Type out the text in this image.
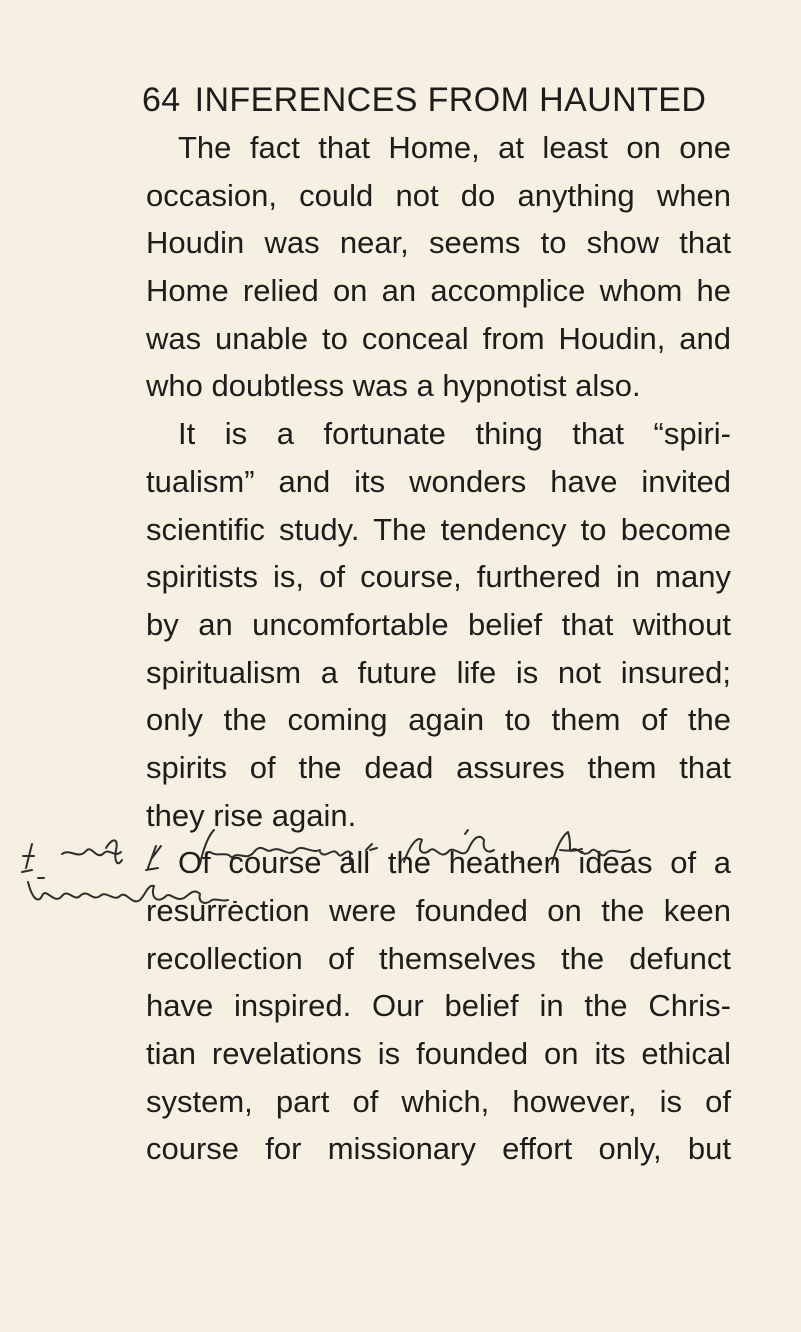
64 INFERENCES FROM HAUNTED
The fact that Home, at least on one
occasion, could not do anything when
Houdin was near, seems to show that
Home relied on an accomplice whom he
was unable to conceal from Houdin, and
who doubtless was a hypnotist also.
It is a fortunate thing that “spiri-
tualism” and its wonders have invited
scientific study. The tendency to become
spiritists is, of course, furthered in many
by an uncomfortable belief that without
spiritualism a future life is not insured;
only the coming again to them of the
spirits of the dead assures them that
they rise again.
Of course all the heathen ideas of a
resurrection were founded on the keen
recollection of themselves the defunct
have inspired. Our belief in the Chris-
tian revelations is founded on its ethical
system, part of which, however, is of
course for missionary effort only, but
